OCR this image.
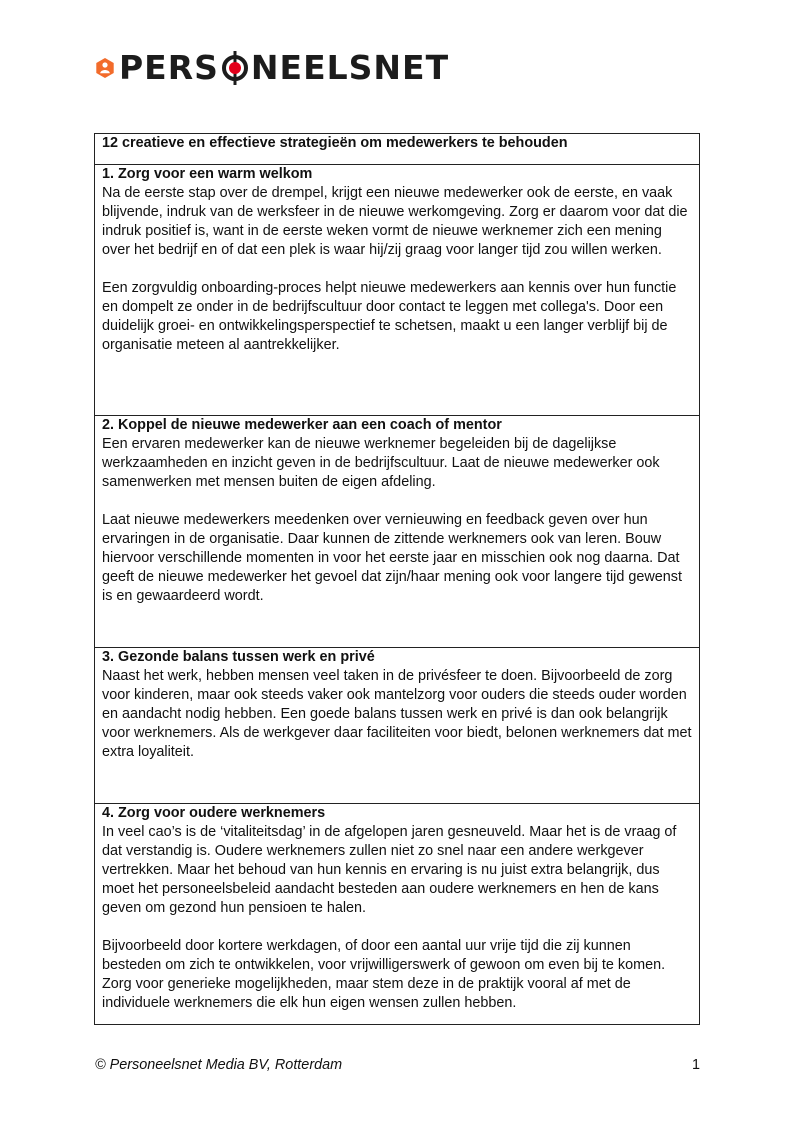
PERS NEELSNET
12 creatieve en effectieve strategieën om medewerkers te behouden

1. Zorg voor een warm welkom
Na de eerste stap over de drempel, krijgt een nieuwe medewerker ook de eerste, en vaak blijvende, indruk van de werksfeer in de nieuwe werkomgeving. Zorg er daarom voor dat die indruk positief is, want in de eerste weken vormt de nieuwe werknemer zich een mening over het bedrijf en of dat een plek is waar hij/zij graag voor langer tijd zou willen werken.
Een zorgvuldig onboarding-proces helpt nieuwe medewerkers aan kennis over hun functie en dompelt ze onder in de bedrijfscultuur door contact te leggen met collega's. Door een duidelijk groei- en ontwikkelingsperspectief te schetsen, maakt u een langer verblijf bij de organisatie meteen al aantrekkelijker.

2. Koppel de nieuwe medewerker aan een coach of mentor
Een ervaren medewerker kan de nieuwe werknemer begeleiden bij de dagelijkse werkzaamheden en inzicht geven in de bedrijfscultuur. Laat de nieuwe medewerker ook samenwerken met mensen buiten de eigen afdeling.
Laat nieuwe medewerkers meedenken over vernieuwing en feedback geven over hun ervaringen in de organisatie. Daar kunnen de zittende werknemers ook van leren. Bouw hiervoor verschillende momenten in voor het eerste jaar en misschien ook nog daarna. Dat geeft de nieuwe medewerker het gevoel dat zijn/haar mening ook voor langere tijd gewenst is en gewaardeerd wordt.

3. Gezonde balans tussen werk en privé
Naast het werk, hebben mensen veel taken in de privésfeer te doen. Bijvoorbeeld de zorg voor kinderen, maar ook steeds vaker ook mantelzorg voor ouders die steeds ouder worden en aandacht nodig hebben. Een goede balans tussen werk en privé is dan ook belangrijk voor werknemers. Als de werkgever daar faciliteiten voor biedt, belonen werknemers dat met extra loyaliteit.

4. Zorg voor oudere werknemers
In veel cao’s is de ‘vitaliteitsdag’ in de afgelopen jaren gesneuveld. Maar het is de vraag of dat verstandig is. Oudere werknemers zullen niet zo snel naar een andere werkgever vertrekken. Maar het behoud van hun kennis en ervaring is nu juist extra belangrijk, dus moet het personeelsbeleid aandacht besteden aan oudere werknemers en hen de kans geven om gezond hun pensioen te halen.
Bijvoorbeeld door kortere werkdagen, of door een aantal uur vrije tijd die zij kunnen besteden om zich te ontwikkelen, voor vrijwilligerswerk of gewoon om even bij te komen. Zorg voor generieke mogelijkheden, maar stem deze in de praktijk vooral af met de individuele werknemers die elk hun eigen wensen zullen hebben.
© Personeelsnet Media BV, Rotterdam	1
